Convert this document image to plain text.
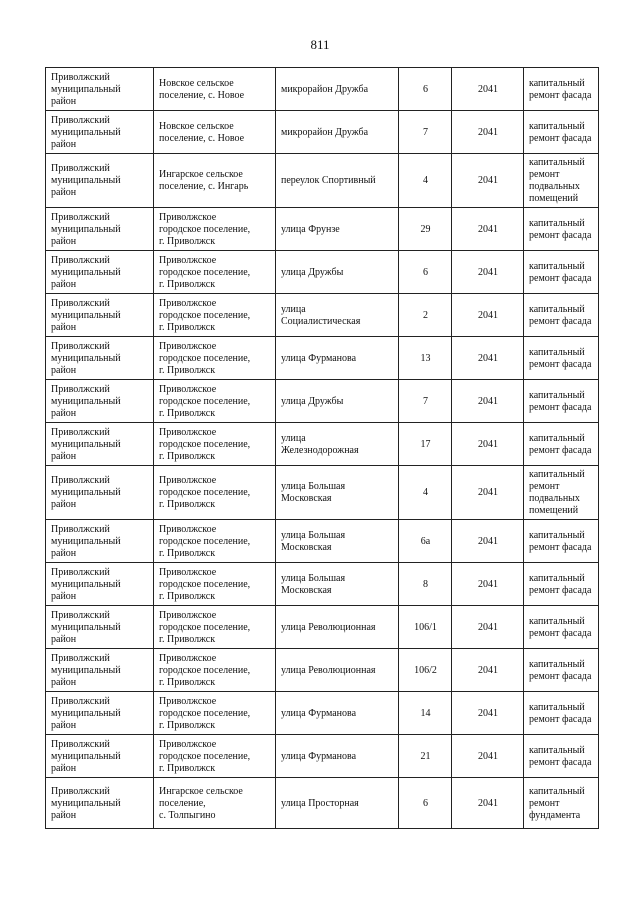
811
Приволжский
муниципальный
район	Новское сельское
поселение, с. Новое	микрорайон Дружба	6	2041	капитальный
ремонт фасада

Приволжский
муниципальный
район	Новское сельское
поселение, с. Новое	микрорайон Дружба	7	2041	капитальный
ремонт фасада

Приволжский
муниципальный
район	Ингарское сельское
поселение, с. Ингарь	переулок Спортивный	4	2041	капитальный
ремонт
подвальных
помещений

Приволжский
муниципальный
район	Приволжское
городское поселение,
г. Приволжск	улица Фрунзе	29	2041	капитальный
ремонт фасада

Приволжский
муниципальный
район	Приволжское
городское поселение,
г. Приволжск	улица Дружбы	6	2041	капитальный
ремонт фасада

Приволжский
муниципальный
район	Приволжское
городское поселение,
г. Приволжск	улица
Социалистическая	2	2041	капитальный
ремонт фасада

Приволжский
муниципальный
район	Приволжское
городское поселение,
г. Приволжск	улица Фурманова	13	2041	капитальный
ремонт фасада

Приволжский
муниципальный
район	Приволжское
городское поселение,
г. Приволжск	улица Дружбы	7	2041	капитальный
ремонт фасада

Приволжский
муниципальный
район	Приволжское
городское поселение,
г. Приволжск	улица
Железнодорожная	17	2041	капитальный
ремонт фасада

Приволжский
муниципальный
район	Приволжское
городское поселение,
г. Приволжск	улица Большая
Московская	4	2041	капитальный
ремонт
подвальных
помещений

Приволжский
муниципальный
район	Приволжское
городское поселение,
г. Приволжск	улица Большая
Московская	6а	2041	капитальный
ремонт фасада

Приволжский
муниципальный
район	Приволжское
городское поселение,
г. Приволжск	улица Большая
Московская	8	2041	капитальный
ремонт фасада

Приволжский
муниципальный
район	Приволжское
городское поселение,
г. Приволжск	улица Революционная	106/1	2041	капитальный
ремонт фасада

Приволжский
муниципальный
район	Приволжское
городское поселение,
г. Приволжск	улица Революционная	106/2	2041	капитальный
ремонт фасада

Приволжский
муниципальный
район	Приволжское
городское поселение,
г. Приволжск	улица Фурманова	14	2041	капитальный
ремонт фасада

Приволжский
муниципальный
район	Приволжское
городское поселение,
г. Приволжск	улица Фурманова	21	2041	капитальный
ремонт фасада

Приволжский
муниципальный
район	Ингарское сельское
поселение,
с. Толпыгино	улица Просторная	6	2041	капитальный
ремонт
фундамента
